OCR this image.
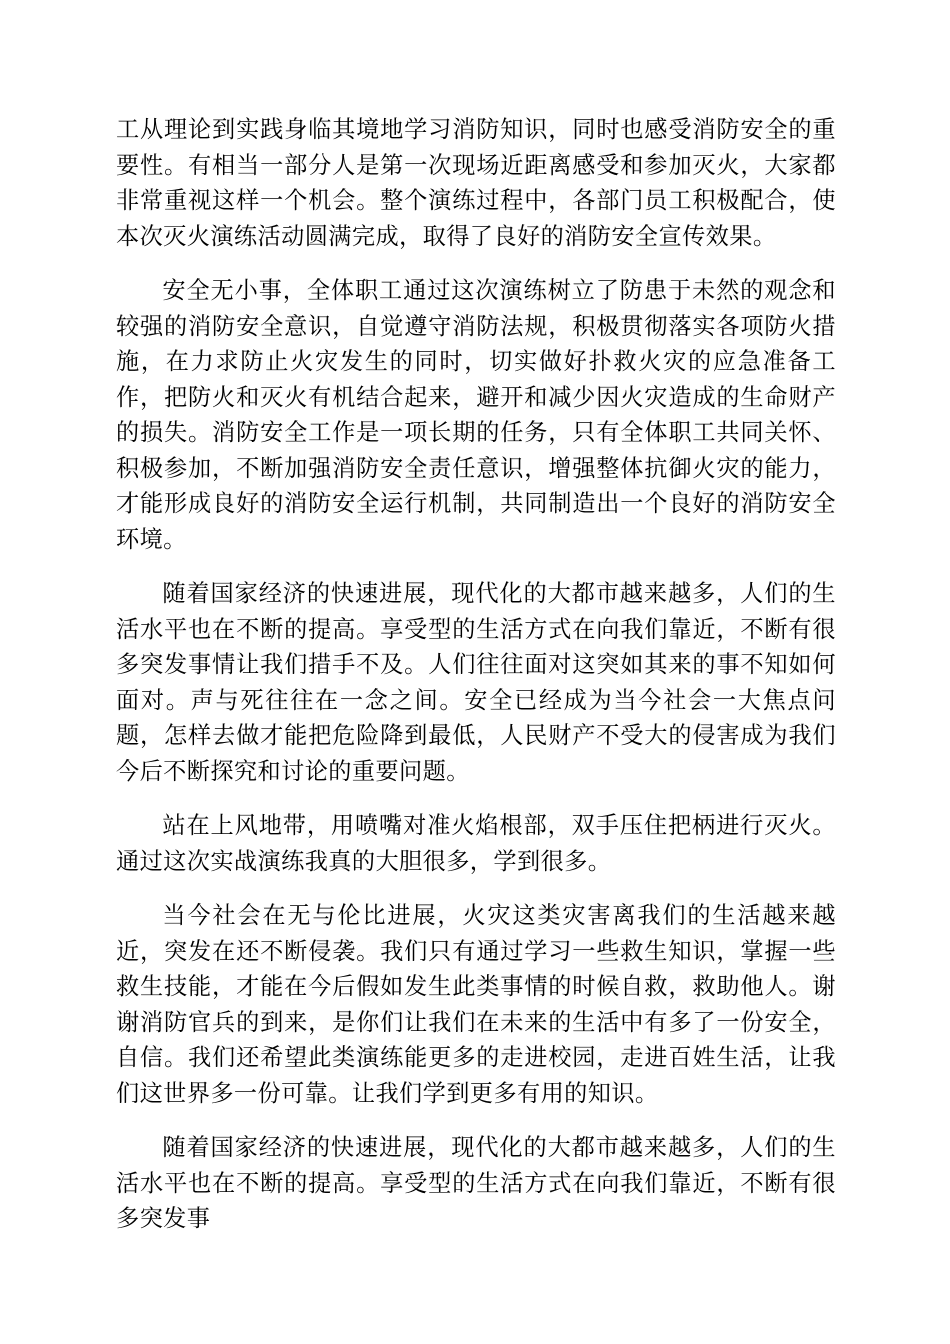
工从理论到实践身临其境地学习消防知识，同时也感受消防安全的重要性。有相当一部分人是第一次现场近距离感受和参加灭火，大家都非常重视这样一个机会。整个演练过程中，各部门员工积极配合，使本次灭火演练活动圆满完成，取得了良好的消防安全宣传效果。

安全无小事，全体职工通过这次演练树立了防患于未然的观念和较强的消防安全意识，自觉遵守消防法规，积极贯彻落实各项防火措施，在力求防止火灾发生的同时，切实做好扑救火灾的应急准备工作，把防火和灭火有机结合起来，避开和减少因火灾造成的生命财产的损失。消防安全工作是一项长期的任务，只有全体职工共同关怀、积极参加，不断加强消防安全责任意识，增强整体抗御火灾的能力，才能形成良好的消防安全运行机制，共同制造出一个良好的消防安全环境。

随着国家经济的快速进展，现代化的大都市越来越多，人们的生活水平也在不断的提高。享受型的生活方式在向我们靠近，不断有很多突发事情让我们措手不及。人们往往面对这突如其来的事不知如何面对。声与死往往在一念之间。安全已经成为当今社会一大焦点问题，怎样去做才能把危险降到最低，人民财产不受大的侵害成为我们今后不断探究和讨论的重要问题。

站在上风地带，用喷嘴对准火焰根部，双手压住把柄进行灭火。通过这次实战演练我真的大胆很多，学到很多。

当今社会在无与伦比进展，火灾这类灾害离我们的生活越来越近，突发在还不断侵袭。我们只有通过学习一些救生知识，掌握一些救生技能，才能在今后假如发生此类事情的时候自救，救助他人。谢谢消防官兵的到来，是你们让我们在未来的生活中有多了一份安全，自信。我们还希望此类演练能更多的走进校园，走进百姓生活，让我们这世界多一份可靠。让我们学到更多有用的知识。

随着国家经济的快速进展，现代化的大都市越来越多，人们的生活水平也在不断的提高。享受型的生活方式在向我们靠近，不断有很多突发事
